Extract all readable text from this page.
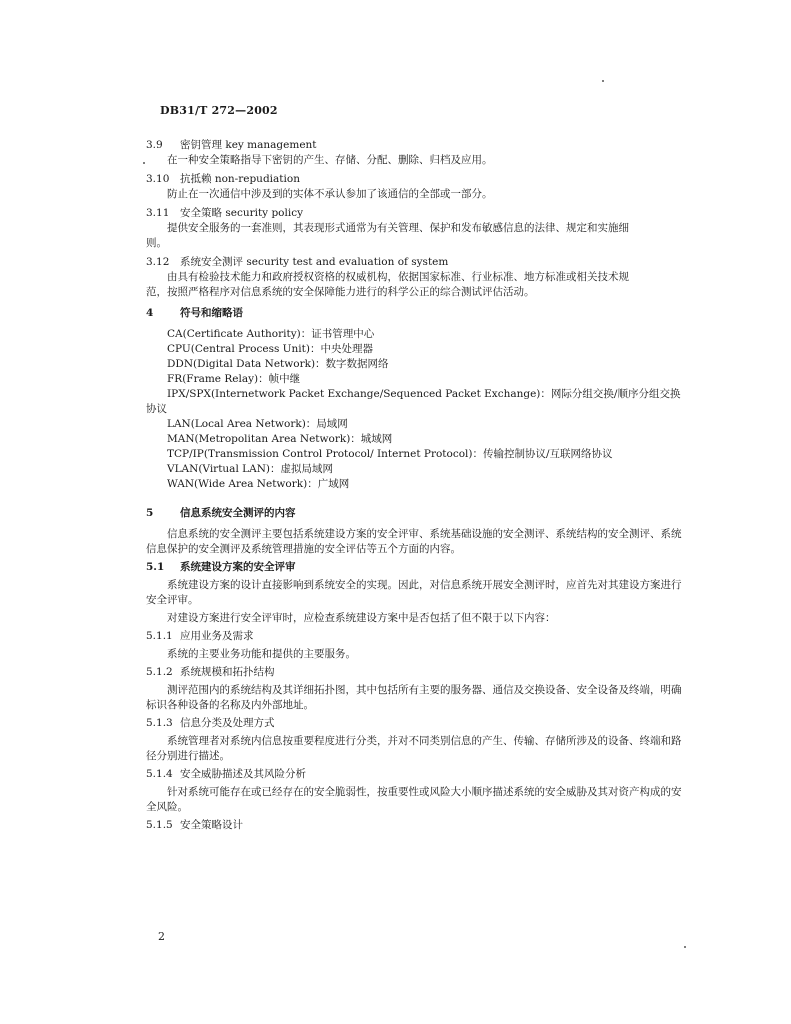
DB31/T 272—2002
3.9 密钥管理 key management
在一种安全策略指导下密钥的产生、存储、分配、删除、归档及应用。
3.10 抗抵赖 non-repudiation
防止在一次通信中涉及到的实体不承认参加了该通信的全部或一部分。
3.11 安全策略 security policy
提供安全服务的一套准则，其表现形式通常为有关管理、保护和发布敏感信息的法律、规定和实施细
则。
3.12 系统安全测评 security test and evaluation of system
由具有检验技术能力和政府授权资格的权威机构，依据国家标准、行业标准、地方标准或相关技术规
范，按照严格程序对信息系统的安全保障能力进行的科学公正的综合测试评估活动。
4	符号和缩略语
CA(Certificate Authority)：证书管理中心
CPU(Central Process Unit)：中央处理器
DDN(Digital Data Network)：数字数据网络
FR(Frame Relay)：帧中继
IPX/SPX(Internetwork Packet Exchange/Sequenced Packet Exchange)：网际分组交换/顺序分组交换
协议
LAN(Local Area Network)：局域网
MAN(Metropolitan Area Network)：城域网
TCP/IP(Transmission Control Protocol/ Internet Protocol)：传输控制协议/互联网络协议
VLAN(Virtual LAN)：虚拟局域网
WAN(Wide Area Network)：广域网
5	信息系统安全测评的内容
信息系统的安全测评主要包括系统建设方案的安全评审、系统基础设施的安全测评、系统结构的安全测评、系统信息保护的安全测评及系统管理措施的安全评估等五个方面的内容。
5.1 系统建设方案的安全评审
系统建设方案的设计直接影响到系统安全的实现。因此，对信息系统开展安全测评时，应首先对其建设方案进行安全评审。
对建设方案进行安全评审时，应检查系统建设方案中是否包括了但不限于以下内容：
5.1.1 应用业务及需求
系统的主要业务功能和提供的主要服务。
5.1.2 系统规模和拓扑结构
测评范围内的系统结构及其详细拓扑图，其中包括所有主要的服务器、通信及交换设备、安全设备及终端，明确标识各种设备的名称及内外部地址。
5.1.3 信息分类及处理方式
系统管理者对系统内信息按重要程度进行分类，并对不同类别信息的产生、传输、存储所涉及的设备、终端和路径分别进行描述。
5.1.4 安全威胁描述及其风险分析
针对系统可能存在或已经存在的安全脆弱性，按重要性或风险大小顺序描述系统的安全威胁及其对资产构成的安全风险。
5.1.5 安全策略设计
2
